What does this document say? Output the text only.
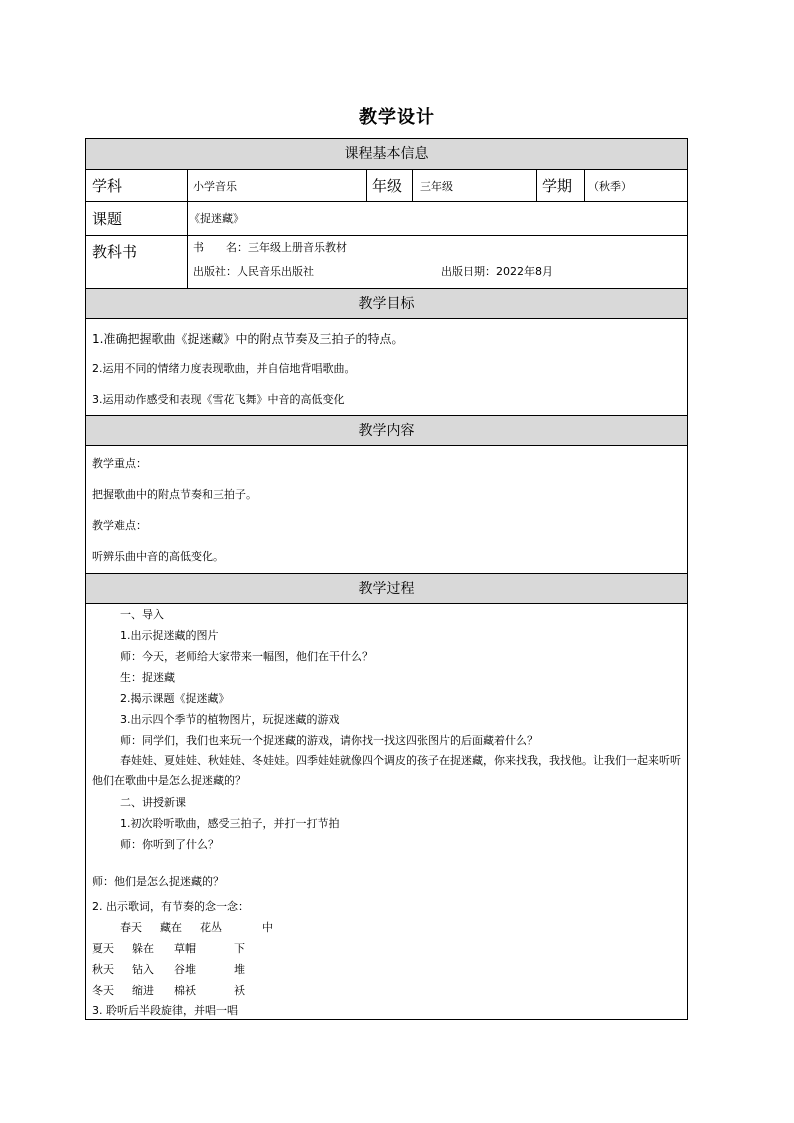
教学设计
课程基本信息
学科	小学音乐	年级 三年级	学期 （秋季）
课题	《捉迷藏》
教科书	书　　名：三年级上册音乐教材
出版社：人民音乐出版社	出版日期：2022年8月
教学目标
1.准确把握歌曲《捉迷藏》中的附点节奏及三拍子的特点。
2.运用不同的情绪力度表现歌曲，并自信地背唱歌曲。
3.运用动作感受和表现《雪花飞舞》中音的高低变化
教学内容
教学重点：
把握歌曲中的附点节奏和三拍子。
教学难点：
听辨乐曲中音的高低变化。
教学过程
一、导入
1.出示捉迷藏的图片
师：今天，老师给大家带来一幅图，他们在干什么？
生：捉迷藏
2.揭示课题《捉迷藏》
3.出示四个季节的植物图片，玩捉迷藏的游戏
师：同学们，我们也来玩一个捉迷藏的游戏，请你找一找这四张图片的后面藏着什么？
春娃娃、夏娃娃、秋娃娃、冬娃娃。四季娃娃就像四个调皮的孩子在捉迷藏，你来找我，我找他。让我们一起来听听他们在歌曲中是怎么捉迷藏的？
二、讲授新课
1.初次聆听歌曲，感受三拍子，并打一打节拍
师：你听到了什么？
师：他们是怎么捉迷藏的？
2. 出示歌词，有节奏的念一念：
春天 藏在 花丛	中
夏天 躲在 草帽	下
秋天 钻入 谷堆	堆
冬天 缩进 棉袄	袄
3. 聆听后半段旋律，并唱一唱
